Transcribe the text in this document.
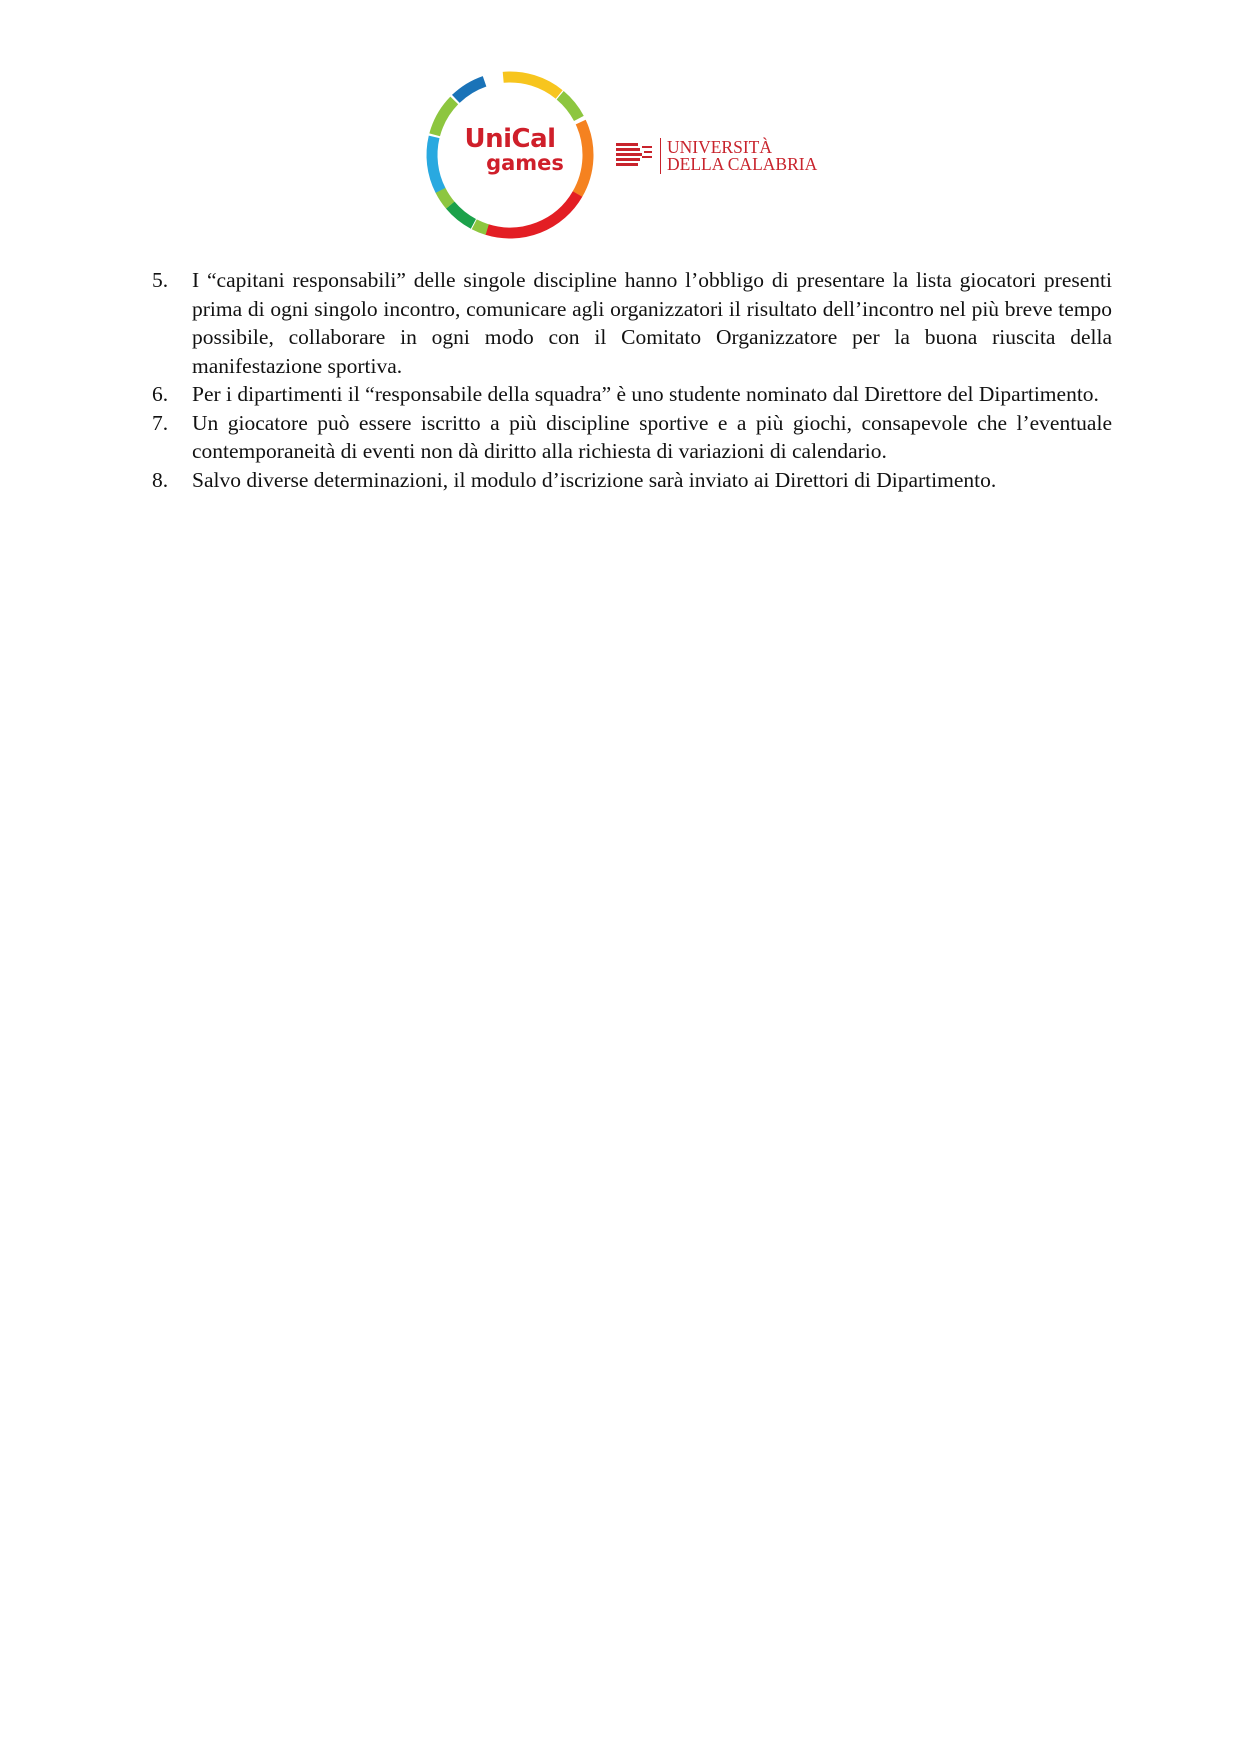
UniCal
games
UNIVERSITÀ
DELLA CALABRIA
5.	I “capitani responsabili” delle singole discipline hanno l’obbligo di presentare la lista giocatori presenti prima di ogni singolo incontro, comunicare agli organizzatori il risultato dell’incontro nel più breve tempo possibile, collaborare in ogni modo con il Comitato Organizzatore per la buona riuscita della manifestazione sportiva.
6.	Per i dipartimenti il “responsabile della squadra” è uno studente nominato dal Direttore del Dipartimento.
7.	Un giocatore può essere iscritto a più discipline sportive e a più giochi, consapevole che l’eventuale contemporaneità di eventi non dà diritto alla richiesta di variazioni di calendario.
8.	Salvo diverse determinazioni, il modulo d’iscrizione sarà inviato ai Direttori di Dipartimento.
